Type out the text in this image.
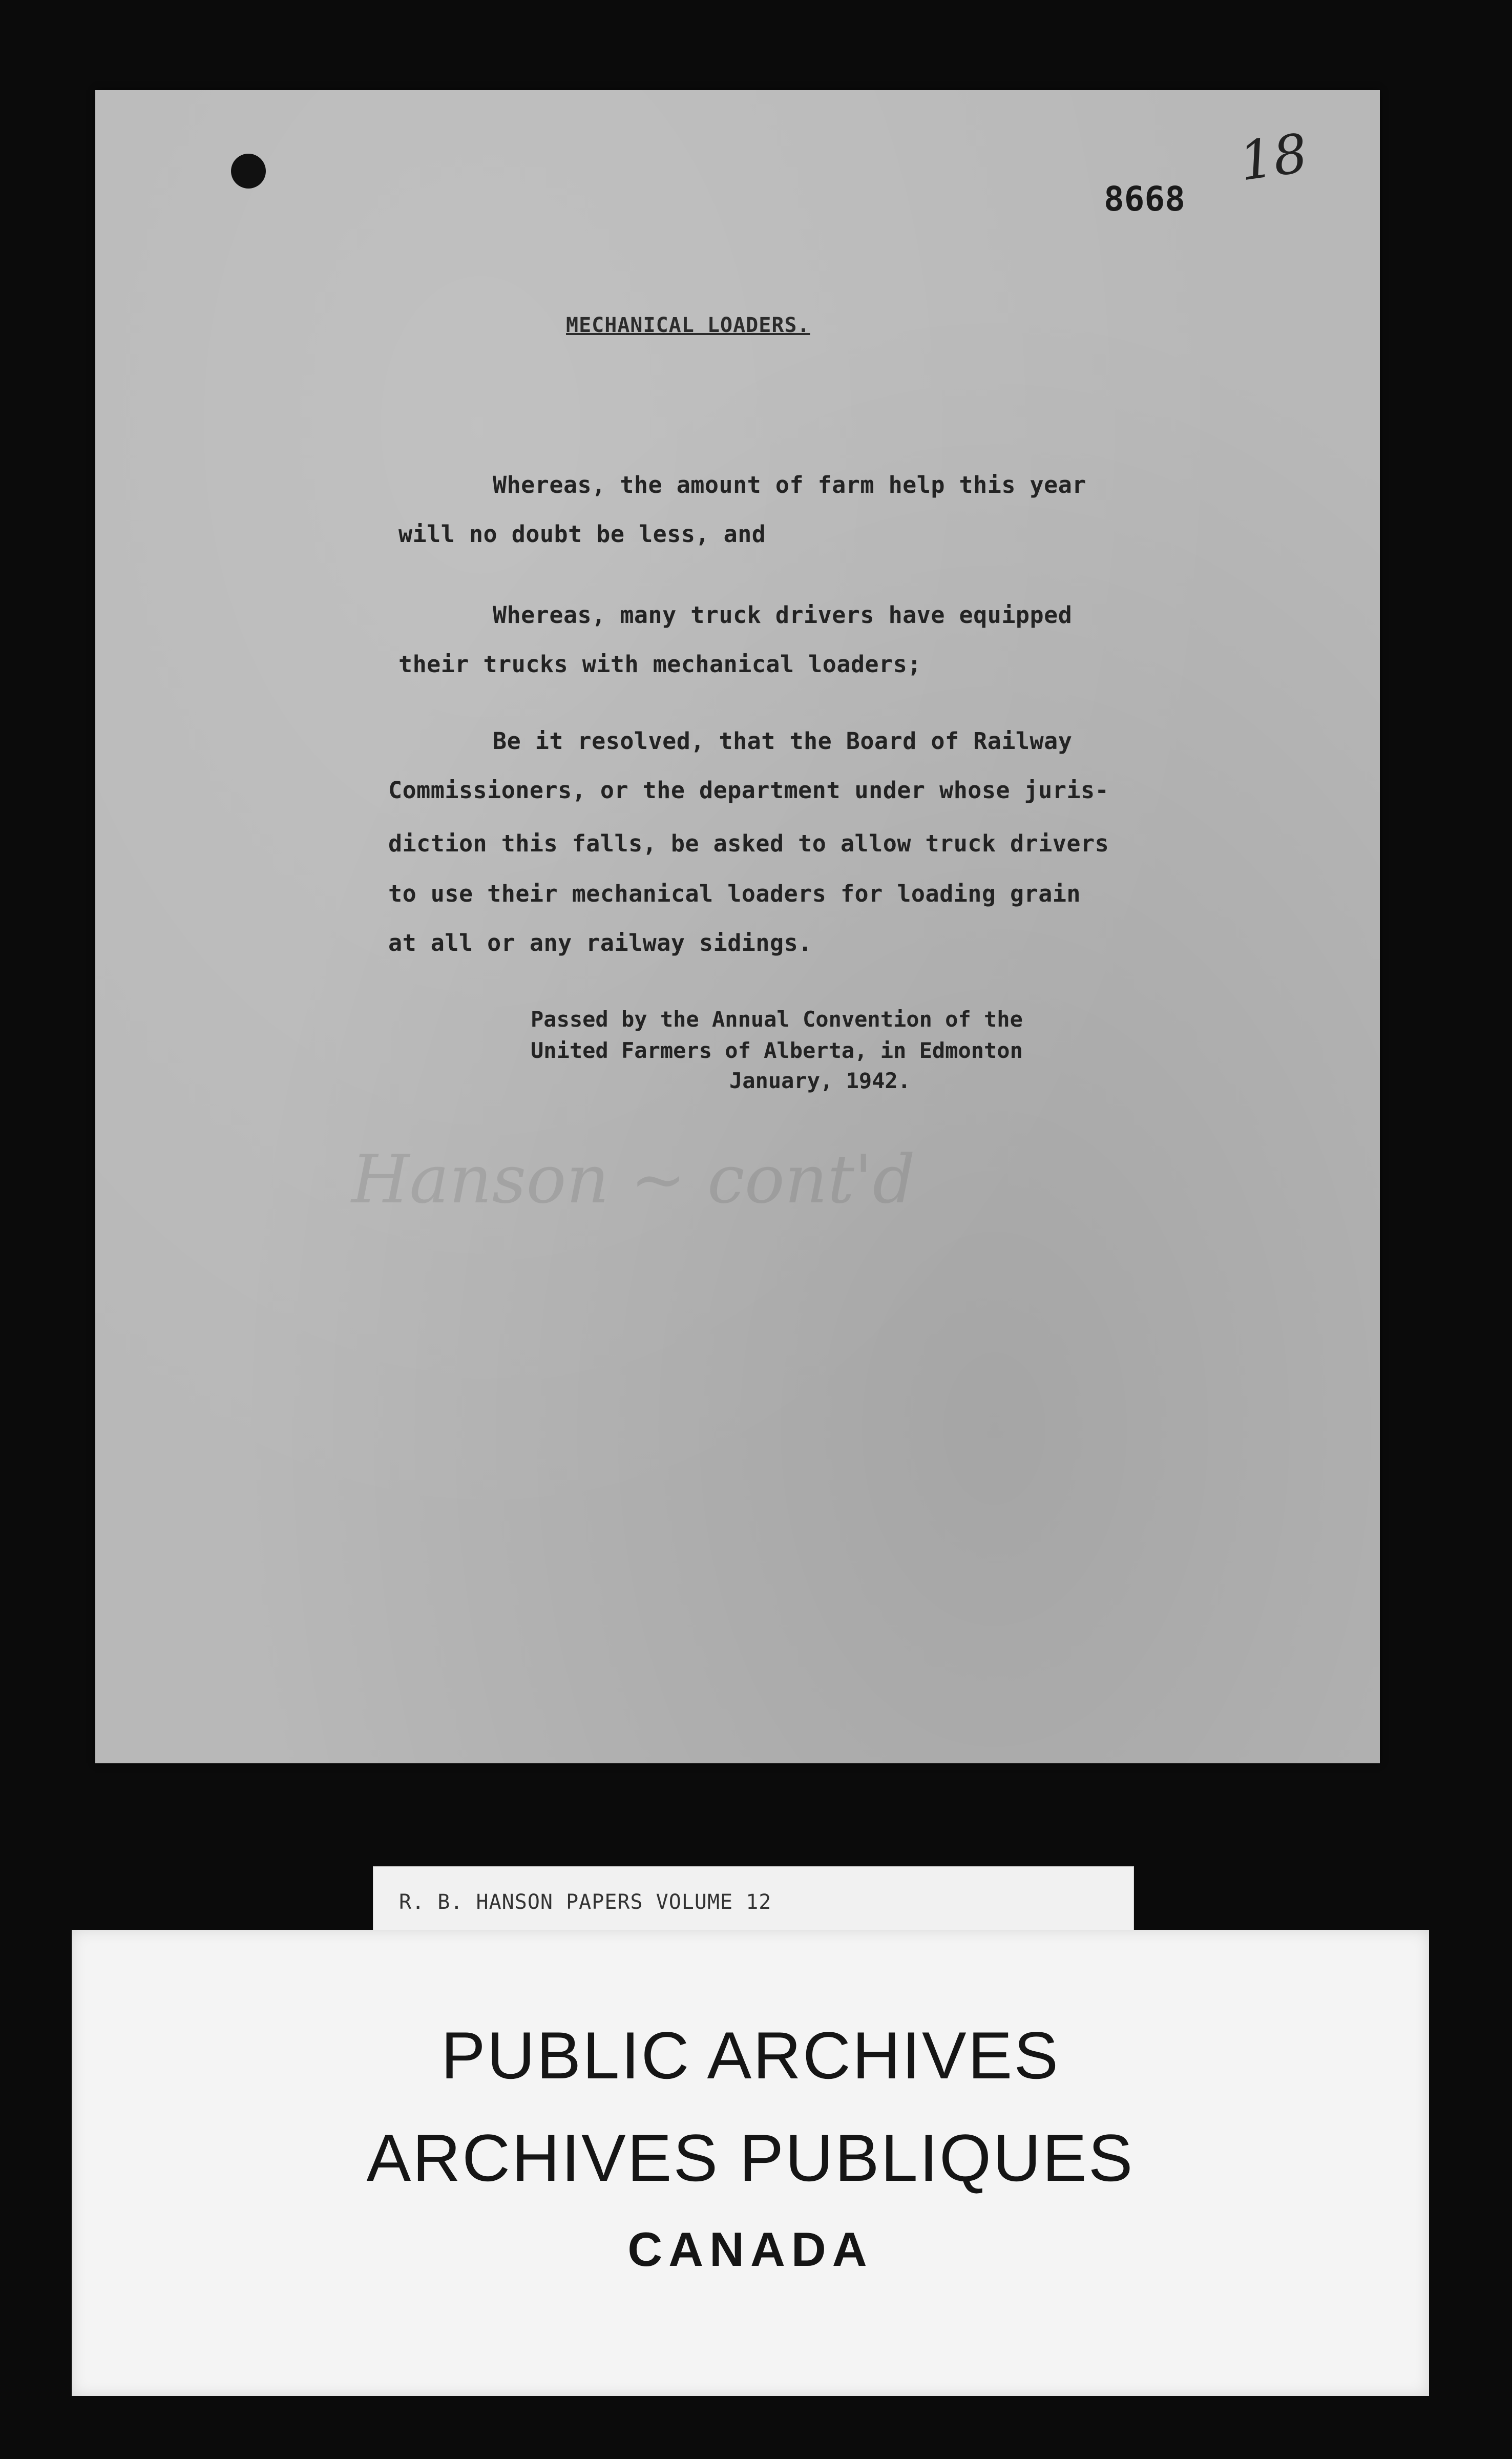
Hanson ~ cont'd
8668
18
MECHANICAL LOADERS.
Whereas, the amount of farm help this year
will no doubt be less, and
Whereas, many truck drivers have equipped
their trucks with mechanical loaders;
Be it resolved, that the Board of Railway
Commissioners, or the department under whose juris-
diction this falls, be asked to allow truck drivers
to use their mechanical loaders for loading grain
at all or any railway sidings.
Passed by the Annual Convention of the
United Farmers of Alberta, in Edmonton
January, 1942.
R. B. HANSON PAPERS VOLUME 12
PUBLIC ARCHIVES
ARCHIVES PUBLIQUES
CANADA
